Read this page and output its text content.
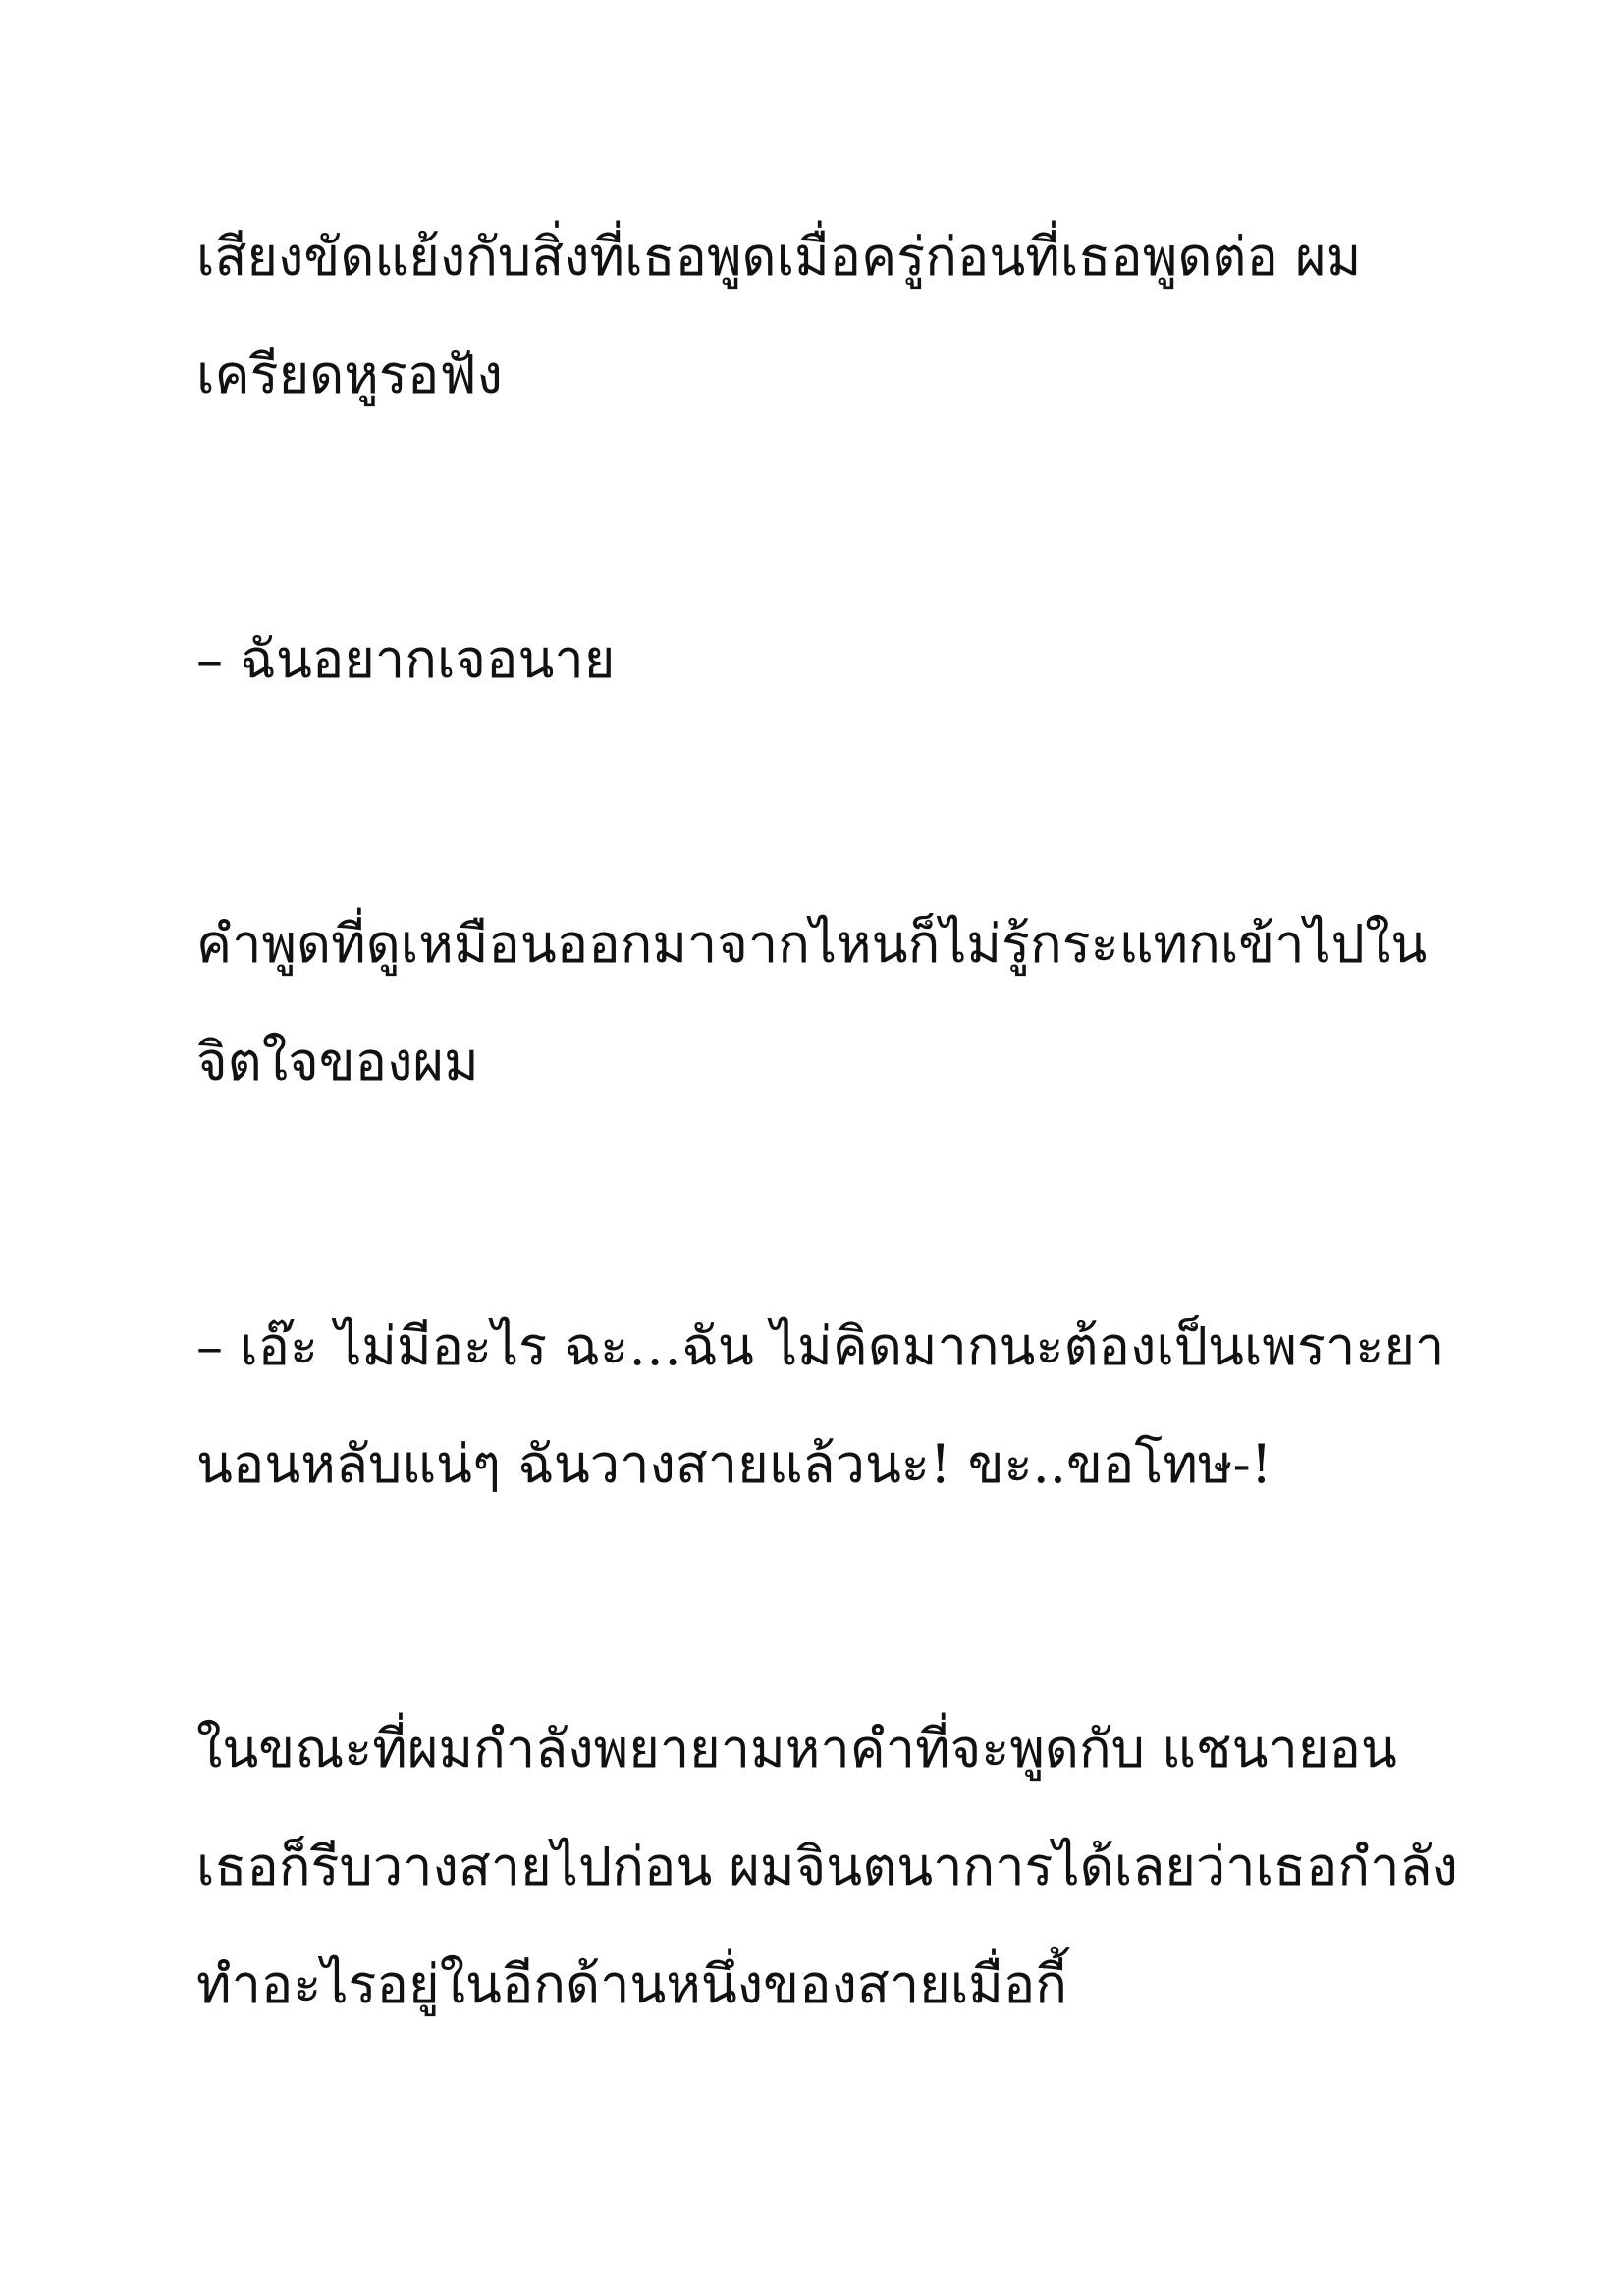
เสียงขัดแย้งกับสิ่งที่เธอพูดเมื่อครู่ก่อนที่เธอพูดต่อ ผม
เครียดหูรอฟัง
– ฉันอยากเจอนาย
คำพูดที่ดูเหมือนออกมาจากไหนก็ไม่รู้กระแทกเข้าไปใน
จิตใจของผม
– เอ๊ะ ไม่มีอะไร ฉะ…ฉัน ไม่คิดมากนะต้องเป็นเพราะยา
นอนหลับแน่ๆ ฉันวางสายแล้วนะ! ขะ..ขอโทษ-!
ในขณะที่ผมกำลังพยายามหาคำที่จะพูดกับ แชนายอน
เธอก็รีบวางสายไปก่อน ผมจินตนาการได้เลยว่าเธอกำลัง
ทำอะไรอยู่ในอีกด้านหนึ่งของสายเมื่อกี้
